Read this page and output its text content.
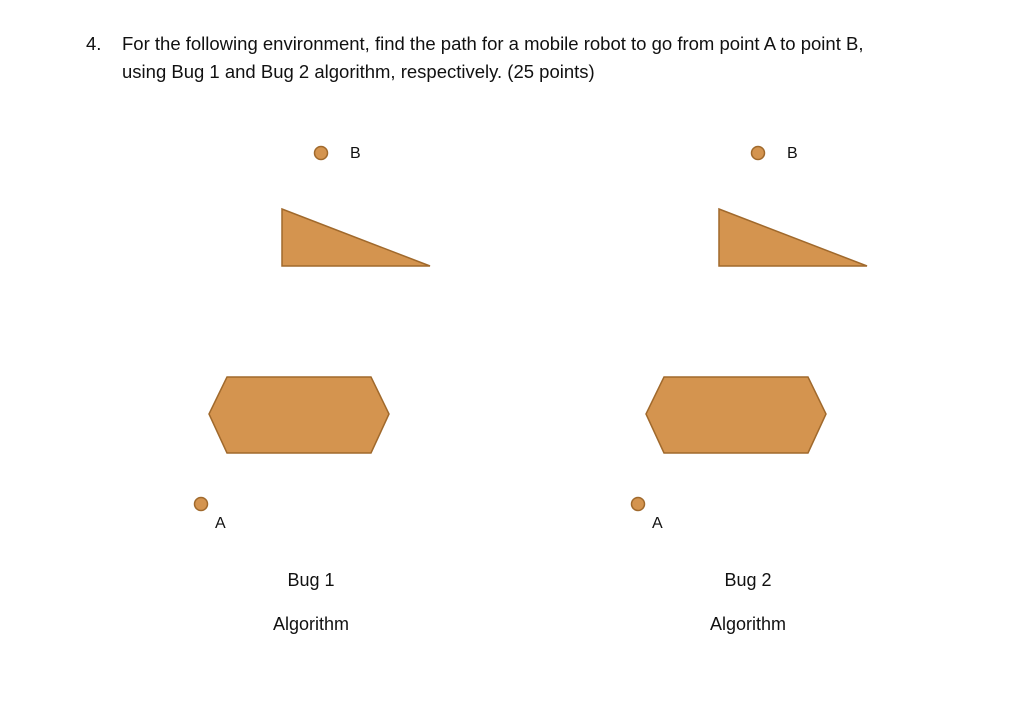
4. For the following environment, find the path for a mobile robot to go from point A to point B,
using Bug 1 and Bug 2 algorithm, respectively. (25 points)
B
A
Bug 1
Algorithm
B
A
Bug 2
Algorithm
